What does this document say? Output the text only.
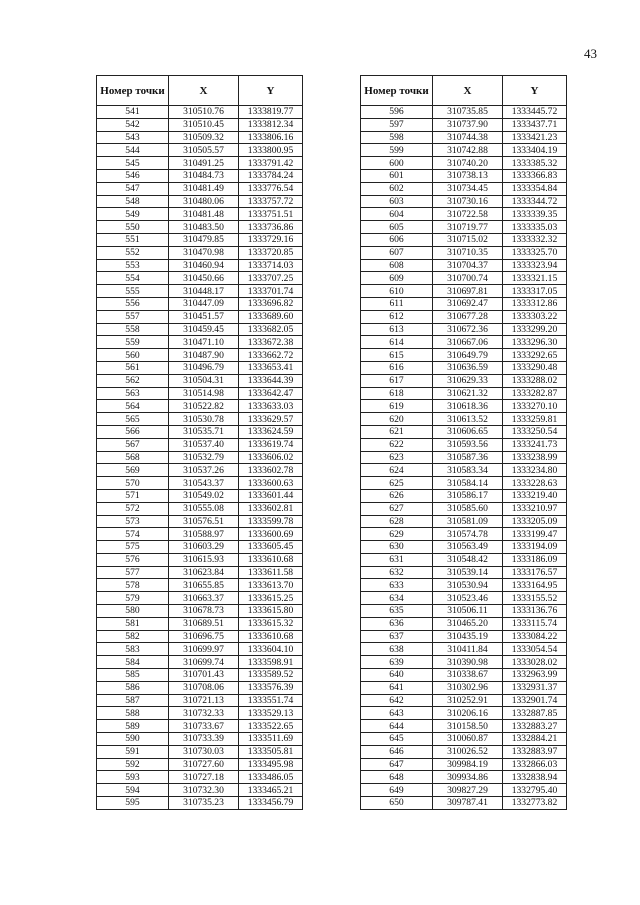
43
Номер точки	X	Y
541	310510.76	1333819.77
542	310510.45	1333812.34
543	310509.32	1333806.16
544	310505.57	1333800.95
545	310491.25	1333791.42
546	310484.73	1333784.24
547	310481.49	1333776.54
548	310480.06	1333757.72
549	310481.48	1333751.51
550	310483.50	1333736.86
551	310479.85	1333729.16
552	310470.98	1333720.85
553	310460.94	1333714.03
554	310450.66	1333707.25
555	310448.17	1333701.74
556	310447.09	1333696.82
557	310451.57	1333689.60
558	310459.45	1333682.05
559	310471.10	1333672.38
560	310487.90	1333662.72
561	310496.79	1333653.41
562	310504.31	1333644.39
563	310514.98	1333642.47
564	310522.82	1333633.03
565	310530.78	1333629.57
566	310535.71	1333624.59
567	310537.40	1333619.74
568	310532.79	1333606.02
569	310537.26	1333602.78
570	310543.37	1333600.63
571	310549.02	1333601.44
572	310555.08	1333602.81
573	310576.51	1333599.78
574	310588.97	1333600.69
575	310603.29	1333605.45
576	310615.93	1333610.68
577	310623.84	1333611.58
578	310655.85	1333613.70
579	310663.37	1333615.25
580	310678.73	1333615.80
581	310689.51	1333615.32
582	310696.75	1333610.68
583	310699.97	1333604.10
584	310699.74	1333598.91
585	310701.43	1333589.52
586	310708.06	1333576.39
587	310721.13	1333551.74
588	310732.33	1333529.13
589	310733.67	1333522.65
590	310733.39	1333511.69
591	310730.03	1333505.81
592	310727.60	1333495.98
593	310727.18	1333486.05
594	310732.30	1333465.21
595	310735.23	1333456.79
Номер точки	X	Y
596	310735.85	1333445.72
597	310737.90	1333437.71
598	310744.38	1333421.23
599	310742.88	1333404.19
600	310740.20	1333385.32
601	310738.13	1333366.83
602	310734.45	1333354.84
603	310730.16	1333344.72
604	310722.58	1333339.35
605	310719.77	1333335.03
606	310715.02	1333332.32
607	310710.35	1333325.70
608	310704.37	1333323.94
609	310700.74	1333321.15
610	310697.81	1333317.05
611	310692.47	1333312.86
612	310677.28	1333303.22
613	310672.36	1333299.20
614	310667.06	1333296.30
615	310649.79	1333292.65
616	310636.59	1333290.48
617	310629.33	1333288.02
618	310621.32	1333282.87
619	310618.36	1333270.10
620	310613.52	1333259.81
621	310606.65	1333250.54
622	310593.56	1333241.73
623	310587.36	1333238.99
624	310583.34	1333234.80
625	310584.14	1333228.63
626	310586.17	1333219.40
627	310585.60	1333210.97
628	310581.09	1333205.09
629	310574.78	1333199.47
630	310563.49	1333194.09
631	310548.42	1333186.09
632	310539.14	1333176.57
633	310530.94	1333164.95
634	310523.46	1333155.52
635	310506.11	1333136.76
636	310465.20	1333115.74
637	310435.19	1333084.22
638	310411.84	1333054.54
639	310390.98	1333028.02
640	310338.67	1332963.99
641	310302.96	1332931.37
642	310252.91	1332901.74
643	310206.16	1332887.85
644	310158.50	1332883.27
645	310060.87	1332884.21
646	310026.52	1332883.97
647	309984.19	1332866.03
648	309934.86	1332838.94
649	309827.29	1332795.40
650	309787.41	1332773.82
